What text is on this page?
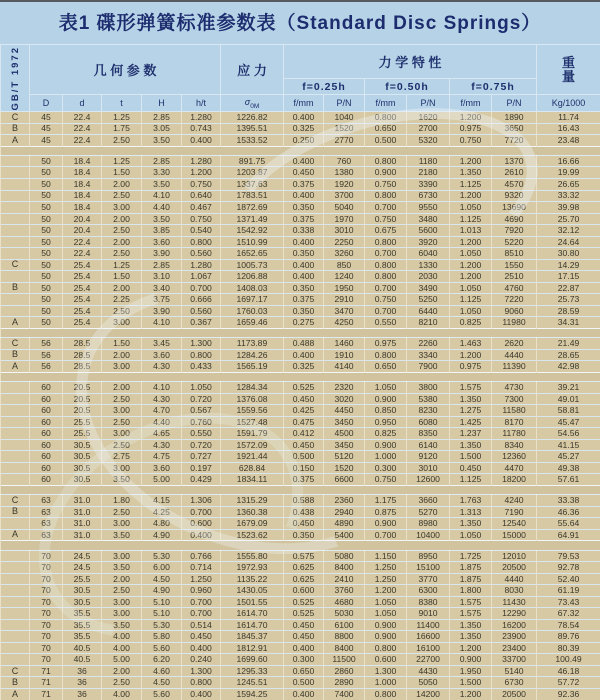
表1 碟形弹簧标准参数表（Standard Disc Springs）
GB/T 1972	几 何 参 数					应 力	力 学 特 性						重
量

							f=0.25h		f=0.50h		f=0.75h		
	D	d	t	H	h/t	$\sigma_{0M}$	f/mm	P/N	f/mm	P/N	f/mm	P/N	Kg/1000
C	45	22.4	1.25	2.85	1.280	1226.82	0.400	1040	0.800	1620	1.200	1890	11.74
B	45	22.4	1.75	3.05	0.743	1395.51	0.325	1520	0.650	2700	0.975	3650	16.43
A	45	22.4	2.50	3.50	0.400	1533.52	0.250	2770	0.500	5320	0.750	7720	23.48

	50	18.4	1.25	2.85	1.280	891.75	0.400	760	0.800	1180	1.200	1370	16.66
	50	18.4	1.50	3.30	1.200	1203.87	0.450	1380	0.900	2180	1.350	2610	19.99
	50	18.4	2.00	3.50	0.750	1337.63	0.375	1920	0.750	3390	1.125	4570	26.65
	50	18.4	2.50	4.10	0.640	1783.51	0.400	3700	0.800	6730	1.200	9320	33.32
	50	18.4	3.00	4.40	0.467	1872.69	0.350	5040	0.700	9550	1.050	13690	39.98
	50	20.4	2.00	3.50	0.750	1371.49	0.375	1970	0.750	3480	1.125	4690	25.70
	50	20.4	2.50	3.85	0.540	1542.92	0.338	3010	0.675	5600	1.013	7920	32.12
	50	22.4	2.00	3.60	0.800	1510.99	0.400	2250	0.800	3920	1.200	5220	24.64
	50	22.4	2.50	3.90	0.560	1652.65	0.350	3260	0.700	6040	1.050	8510	30.80
C	50	25.4	1.25	2.85	1.280	1005.73	0.400	850	0.800	1330	1.200	1550	14.29
	50	25.4	1.50	3.10	1.067	1206.88	0.400	1240	0.800	2030	1.200	2510	17.15
B	50	25.4	2.00	3.40	0.700	1408.03	0.350	1950	0.700	3490	1.050	4760	22.87
	50	25.4	2.25	3.75	0.666	1697.17	0.375	2910	0.750	5250	1.125	7220	25.73
	50	25.4	2.50	3.90	0.560	1760.03	0.350	3470	0.700	6440	1.050	9060	28.59
A	50	25.4	3.00	4.10	0.367	1659.46	0.275	4250	0.550	8210	0.825	11980	34.31

C	56	28.5	1.50	3.45	1.300	1173.89	0.488	1460	0.975	2260	1.463	2620	21.49
B	56	28.5	2.00	3.60	0.800	1284.26	0.400	1910	0.800	3340	1.200	4440	28.65
A	56	28.5	3.00	4.30	0.433	1565.19	0.325	4140	0.650	7900	0.975	11390	42.98

	60	20.5	2.00	4.10	1.050	1284.34	0.525	2320	1.050	3800	1.575	4730	39.21
	60	20.5	2.50	4.30	0.720	1376.08	0.450	3020	0.900	5380	1.350	7300	49.01
	60	20.5	3.00	4.70	0.567	1559.56	0.425	4450	0.850	8230	1.275	11580	58.81
	60	25.5	2.50	4.40	0.760	1527.48	0.475	3450	0.950	6080	1.425	8170	45.47
	60	25.5	3.00	4.65	0.550	1591.79	0.412	4500	0.825	8350	1.237	11780	54.56
	60	30.5	2.50	4.30	0.720	1572.09	0.450	3450	0.900	6140	1.350	8340	41.15
	60	30.5	2.75	4.75	0.727	1921.44	0.500	5120	1.000	9120	1.500	12360	45.27
	60	30.5	3.00	3.60	0.197	628.84	0.150	1520	0.300	3010	0.450	4470	49.38
	60	30.5	3.50	5.00	0.429	1834.11	0.375	6600	0.750	12600	1.125	18200	57.61

C	63	31.0	1.80	4.15	1.306	1315.29	0.588	2360	1.175	3660	1.763	4240	33.38
B	63	31.0	2.50	4.25	0.700	1360.38	0.438	2940	0.875	5270	1.313	7190	46.36
	63	31.0	3.00	4.80	0.600	1679.09	0.450	4890	0.900	8980	1.350	12540	55.64
A	63	31.0	3.50	4.90	0.400	1523.62	0.350	5400	0.700	10400	1.050	15000	64.91

	70	24.5	3.00	5.30	0.766	1555.80	0.575	5080	1.150	8950	1.725	12010	79.53
	70	24.5	3.50	6.00	0.714	1972.93	0.625	8400	1.250	15100	1.875	20500	92.78
	70	25.5	2.00	4.50	1.250	1135.22	0.625	2410	1.250	3770	1.875	4440	52.40
	70	30.5	2.50	4.90	0.960	1430.05	0.600	3760	1.200	6300	1.800	8030	61.19
	70	30.5	3.00	5.10	0.700	1501.55	0.525	4680	1.050	8380	1.575	11430	73.43
	70	35.5	3.00	5.10	0.700	1614.70	0.525	5030	1.050	9010	1.575	12290	67.32
	70	35.5	3.50	5.30	0.514	1614.70	0.450	6100	0.900	11400	1.350	16200	78.54
	70	35.5	4.00	5.80	0.450	1845.37	0.450	8800	0.900	16600	1.350	23900	89.76
	70	40.5	4.00	5.60	0.400	1812.91	0.400	8400	0.800	16100	1.200	23400	80.39
	70	40.5	5.00	6.20	0.240	1699.60	0.300	11500	0.600	22700	0.900	33700	100.49
C	71	36	2.00	4.60	1.300	1295.33	0.650	2860	1.300	4430	1.950	5140	46.18
B	71	36	2.50	4.50	0.800	1245.51	0.500	2890	1.000	5050	1.500	6730	57.72
A	71	36	4.00	5.60	0.400	1594.25	0.400	7400	0.800	14200	1.200	20500	92.36
